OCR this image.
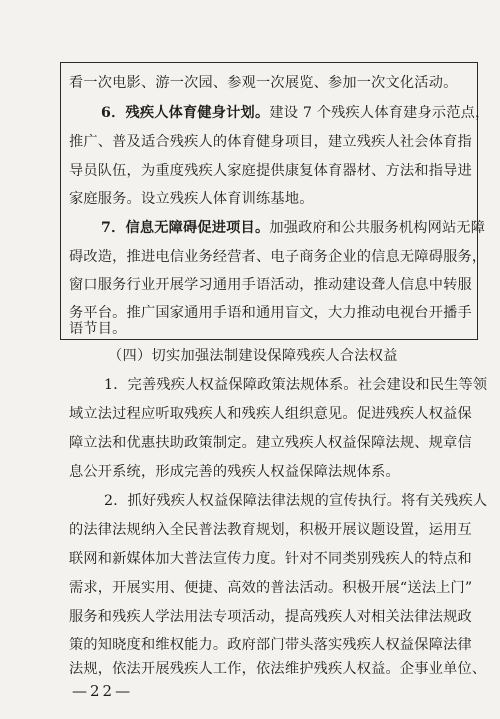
看一次电影、游一次园、参观一次展览、参加一次文化活动。
6．残疾人体育健身计划。建设 7 个残疾人体育建身示范点，
推广、普及适合残疾人的体育健身项目，建立残疾人社会体育指
导员队伍，为重度残疾人家庭提供康复体育器材、方法和指导进
家庭服务。设立残疾人体育训练基地。
7．信息无障碍促进项目。加强政府和公共服务机构网站无障
碍改造，推进电信业务经营者、电子商务企业的信息无障碍服务，
窗口服务行业开展学习通用手语活动，推动建设聋人信息中转服
务平台。推广国家通用手语和通用盲文，大力推动电视台开播手
语节目。
（四）切实加强法制建设保障残疾人合法权益
1．完善残疾人权益保障政策法规体系。社会建设和民生等领
域立法过程应听取残疾人和残疾人组织意见。促进残疾人权益保
障立法和优惠扶助政策制定。建立残疾人权益保障法规、规章信
息公开系统，形成完善的残疾人权益保障法规体系。
2．抓好残疾人权益保障法律法规的宣传执行。将有关残疾人
的法律法规纳入全民普法教育规划，积极开展议题设置，运用互
联网和新媒体加大普法宣传力度。针对不同类别残疾人的特点和
需求，开展实用、便捷、高效的普法活动。积极开展“送法上门”
服务和残疾人学法用法专项活动，提高残疾人对相关法律法规政
策的知晓度和维权能力。政府部门带头落实残疾人权益保障法律
法规，依法开展残疾人工作，依法维护残疾人权益。企事业单位、
—22—
